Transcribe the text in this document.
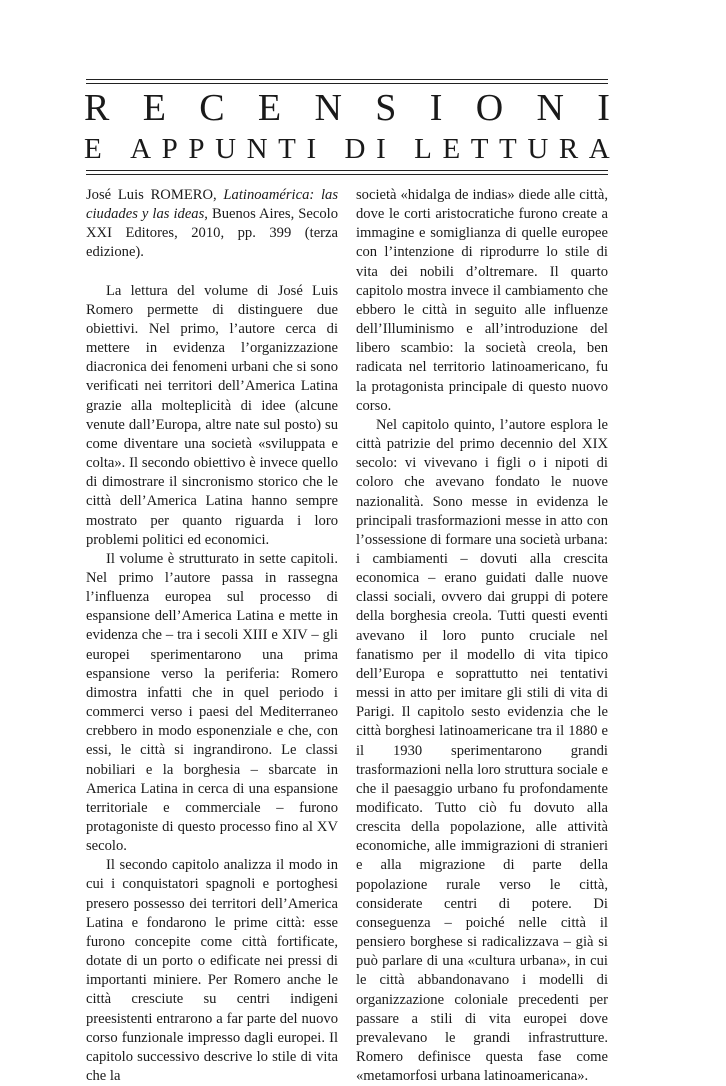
R E C E N S I O N I
E
A P P U N T I
D I
L E T T U R A

José Luis ROMERO, Latinoamérica: las ciudades y las ideas, Buenos Aires, Secolo XXI Editores, 2010, pp. 399 (terza edizione).

La lettura del volume di José Luis Romero permette di distinguere due obiettivi. Nel primo, l’autore cerca di mettere in evidenza l’organizzazione diacronica dei fenomeni urbani che si sono verificati nei territori dell’America Latina grazie alla molteplicità di idee (alcune venute dall’Europa, altre nate sul posto) su come diventare una società «sviluppata e colta». Il secondo obiettivo è invece quello di dimostrare il sincronismo storico che le città dell’America Latina hanno sempre mostrato per quanto riguarda i loro problemi politici ed economici.

Il volume è strutturato in sette capitoli. Nel primo l’autore passa in rassegna l’influenza europea sul processo di espansione dell’America Latina e mette in evidenza che – tra i secoli XIII e XIV – gli europei sperimentarono una prima espansione verso la periferia: Romero dimostra infatti che in quel periodo i commerci verso i paesi del Mediterraneo crebbero in modo esponenziale e che, con essi, le città si ingrandirono. Le classi nobiliari e la borghesia – sbarcate in America Latina in cerca di una espansione territoriale e commerciale – furono protagoniste di questo processo fino al XV secolo.

Il secondo capitolo analizza il modo in cui i conquistatori spagnoli e portoghesi presero possesso dei territori dell’America Latina e fondarono le prime città: esse furono concepite come città fortificate, dotate di un porto o edificate nei pressi di importanti miniere. Per Romero anche le città cresciute su centri indigeni preesistenti entrarono a far parte del nuovo corso funzionale impresso dagli europei. Il capitolo successivo descrive lo stile di vita che la

società «hidalga de indias» diede alle città, dove le corti aristocratiche furono create a immagine e somiglianza di quelle europee con l’intenzione di riprodurre lo stile di vita dei nobili d’oltremare. Il quarto capitolo mostra invece il cambiamento che ebbero le città in seguito alle influenze dell’Illuminismo e all’introduzione del libero scambio: la società creola, ben radicata nel territorio latinoamericano, fu la protagonista principale di questo nuovo corso.

Nel capitolo quinto, l’autore esplora le città patrizie del primo decennio del XIX secolo: vi vivevano i figli o i nipoti di coloro che avevano fondato le nuove nazionalità. Sono messe in evidenza le principali trasformazioni messe in atto con l’ossessione di formare una società urbana: i cambiamenti – dovuti alla crescita economica – erano guidati dalle nuove classi sociali, ovvero dai gruppi di potere della borghesia creola. Tutti questi eventi avevano il loro punto cruciale nel fanatismo per il modello di vita tipico dell’Europa e soprattutto nei tentativi messi in atto per imitare gli stili di vita di Parigi. Il capitolo sesto evidenzia che le città borghesi latinoamericane tra il 1880 e il 1930 sperimentarono grandi trasformazioni nella loro struttura sociale e che il paesaggio urbano fu profondamente modificato. Tutto ciò fu dovuto alla crescita della popolazione, alle attività economiche, alle immigrazioni di stranieri e alla migrazione di parte della popolazione rurale verso le città, considerate centri di potere. Di conseguenza – poiché nelle città il pensiero borghese si radicalizzava – già si può parlare di una «cultura urbana», in cui le città abbandonavano i modelli di organizzazione coloniale precedenti per passare a stili di vita europei dove prevalevano le grandi infrastrutture. Romero definisce questa fase come «metamorfosi urbana latinoamericana».
